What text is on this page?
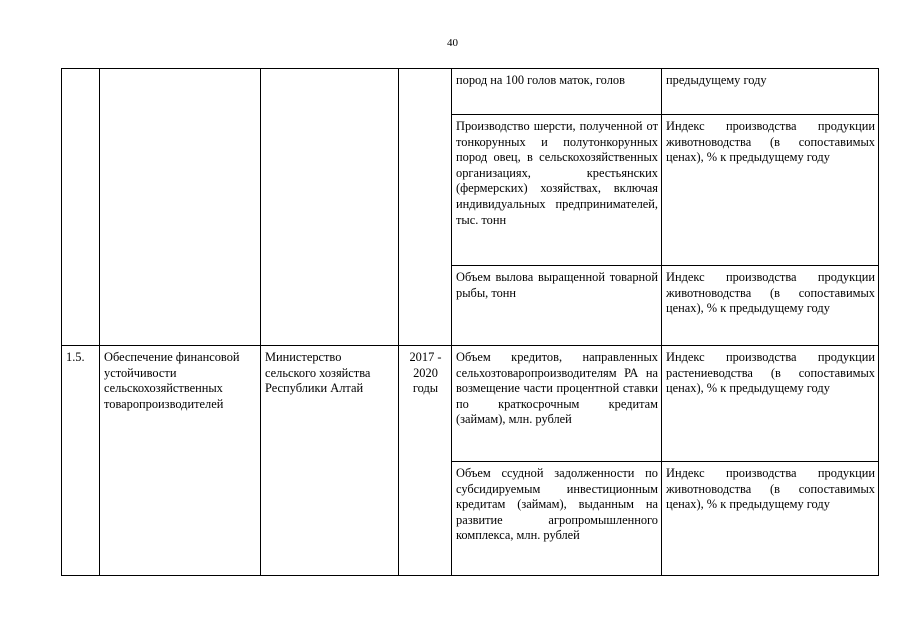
40
				пород на 100 голов маток, голов	предыдущему году
				Производство шерсти, полученной от тонкорунных и полутонкорунных пород овец, в сельскохозяйственных организациях, крестьянских (фермерских) хозяйствах, включая индивидуальных предпринимателей, тыс. тонн	Индекс производства продукции животноводства (в сопоставимых ценах), % к предыдущему году
				Объем вылова выращенной товарной рыбы, тонн	Индекс производства продукции животноводства (в сопоставимых ценах), % к предыдущему году
1.5.	Обеспечение финансовой устойчивости сельскохозяйственных товаропроизводителей	Министерство сельского хозяйства Республики Алтай	2017 - 2020 годы	Объем кредитов, направленных сельхозтоваропроизводителям РА на возмещение части процентной ставки по краткосрочным кредитам (займам), млн. рублей	Индекс производства продукции растениеводства (в сопоставимых ценах), % к предыдущему году
				Объем ссудной задолженности по субсидируемым инвестиционным кредитам (займам), выданным на развитие агропромышленного комплекса, млн. рублей	Индекс производства продукции животноводства (в сопоставимых ценах), % к предыдущему году
